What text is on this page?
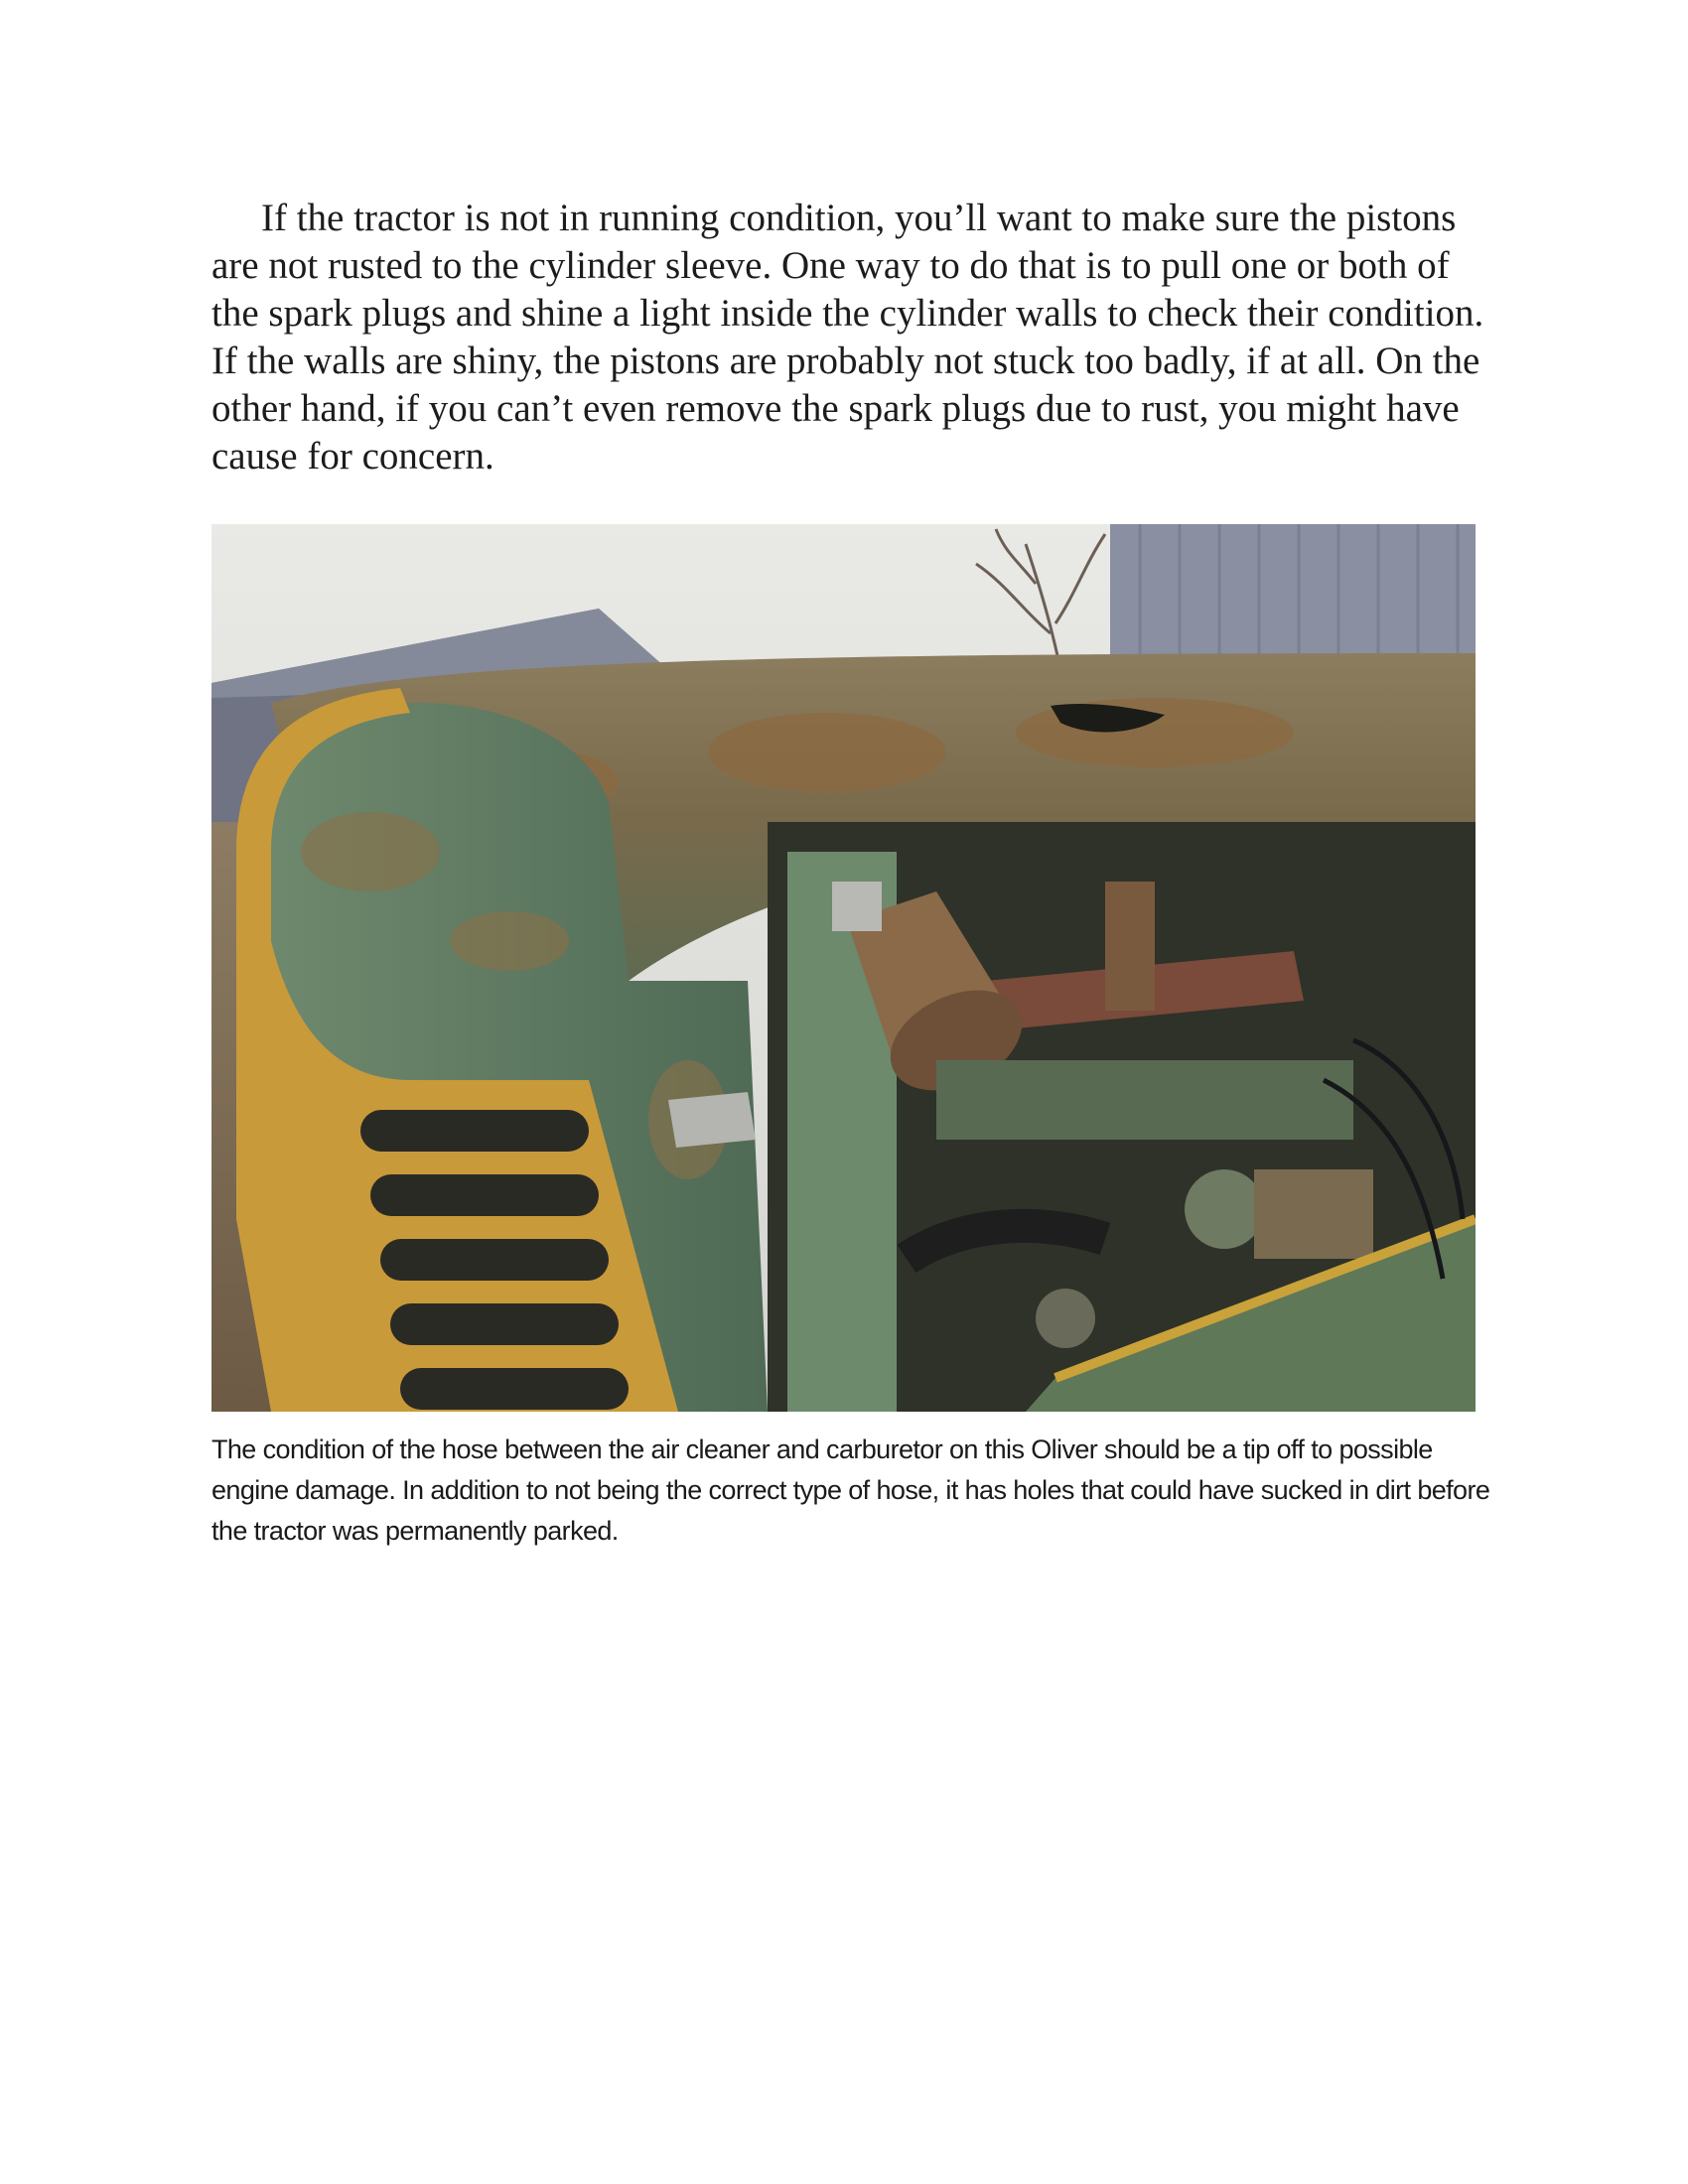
If the tractor is not in running condition, you’ll want to make sure the pistons are not rusted to the cylinder sleeve. One way to do that is to pull one or both of the spark plugs and shine a light inside the cylinder walls to check their condition. If the walls are shiny, the pistons are probably not stuck too badly, if at all. On the other hand, if you can’t even remove the spark plugs due to rust, you might have cause for concern.

The condition of the hose between the air cleaner and carburetor on this Oliver should be a tip off to possible engine damage. In addition to not being the correct type of hose, it has holes that could have sucked in dirt before the tractor was permanently parked.
